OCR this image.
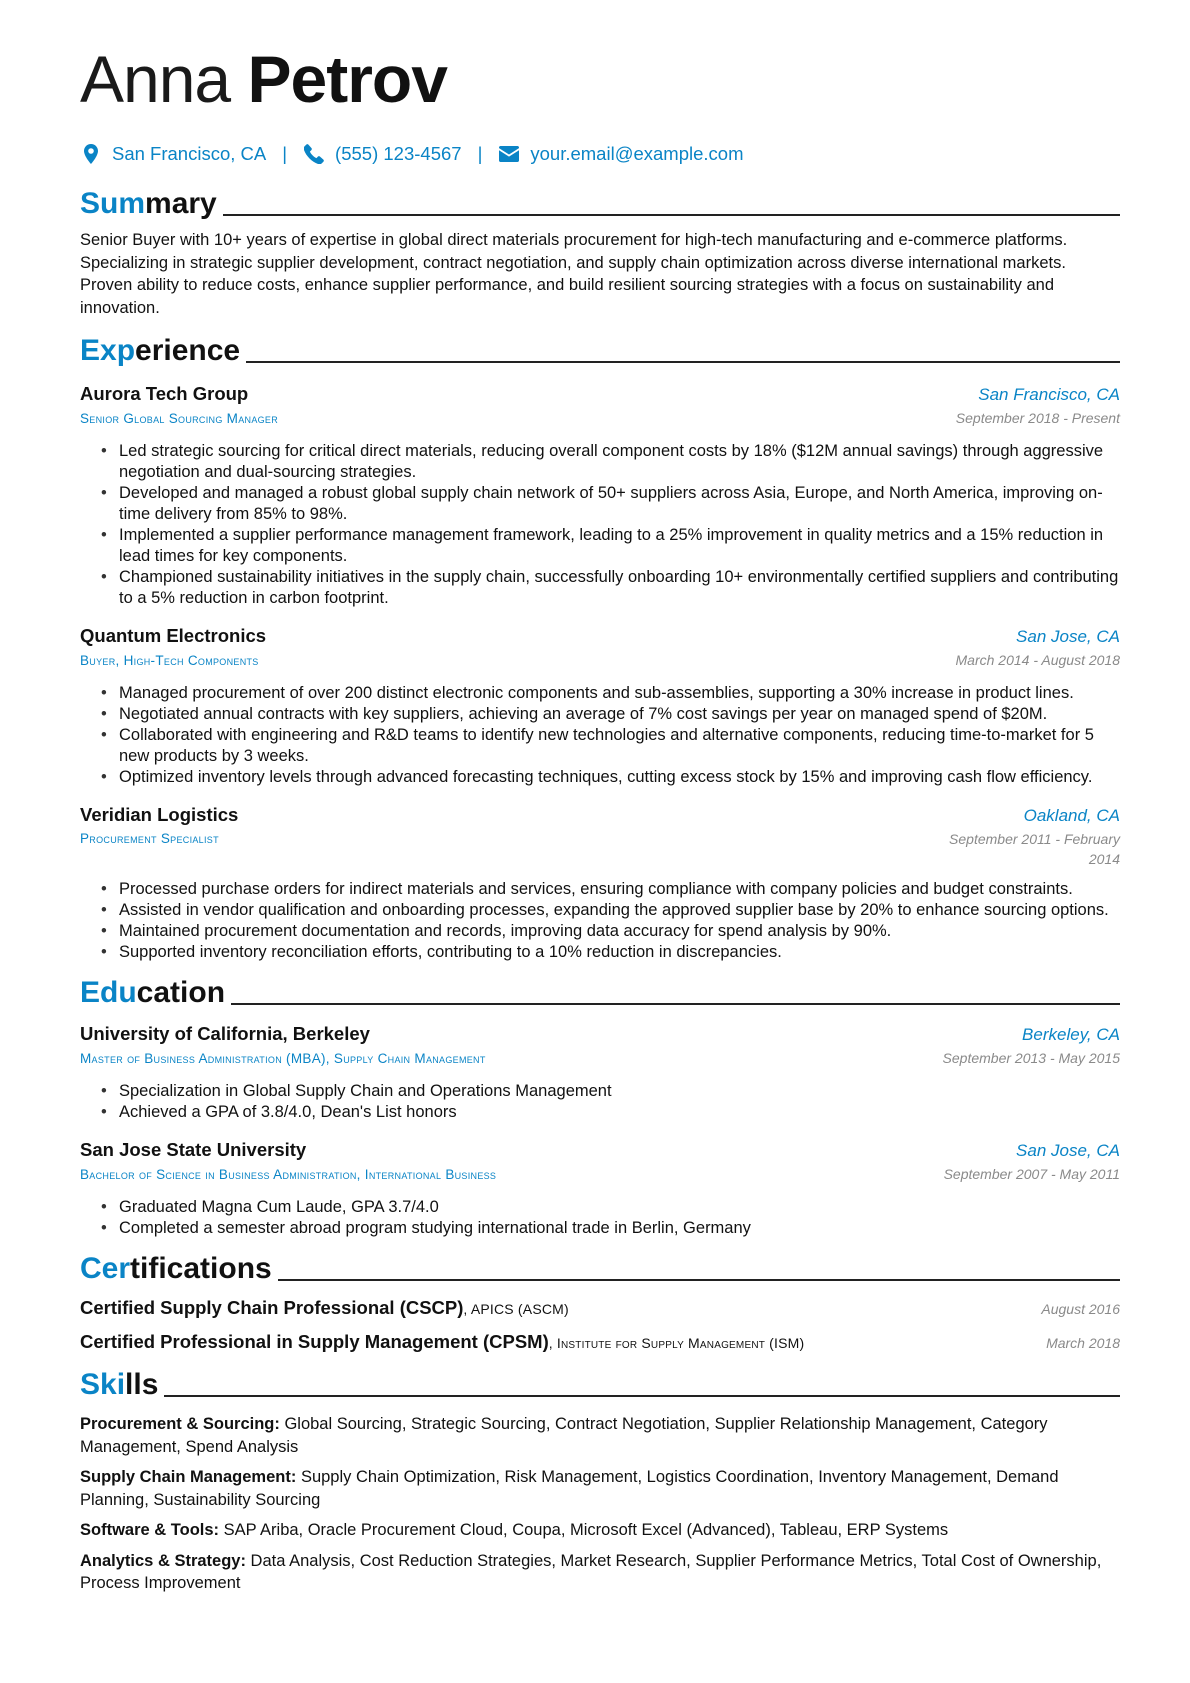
Anna Petrov
San Francisco, CA |	(555) 123-4567 |	your.email@example.com
Summary

Senior Buyer with 10+ years of expertise in global direct materials procurement for high-tech manufacturing and e-commerce platforms. Specializing in strategic supplier development, contract negotiation, and supply chain optimization across diverse international markets. Proven ability to reduce costs, enhance supplier performance, and build resilient sourcing strategies with a focus on sustainability and innovation.

Experience
Aurora Tech Group	San Francisco, CA
Senior Global Sourcing Manager	September 2018 - Present
• Led strategic sourcing for critical direct materials, reducing overall component costs by 18% ($12M annual savings) through aggressive negotiation and dual-sourcing strategies.
• Developed and managed a robust global supply chain network of 50+ suppliers across Asia, Europe, and North America, improving on-time delivery from 85% to 98%.
• Implemented a supplier performance management framework, leading to a 25% improvement in quality metrics and a 15% reduction in lead times for key components.
• Championed sustainability initiatives in the supply chain, successfully onboarding 10+ environmentally certified suppliers and contributing to a 5% reduction in carbon footprint.
Quantum Electronics	San Jose, CA
Buyer, High-Tech Components	March 2014 - August 2018
• Managed procurement of over 200 distinct electronic components and sub-assemblies, supporting a 30% increase in product lines.
• Negotiated annual contracts with key suppliers, achieving an average of 7% cost savings per year on managed spend of $20M.
• Collaborated with engineering and R&D teams to identify new technologies and alternative components, reducing time-to-market for 5 new products by 3 weeks.
• Optimized inventory levels through advanced forecasting techniques, cutting excess stock by 15% and improving cash flow efficiency.
Veridian Logistics	Oakland, CA
Procurement Specialist	September 2011 - February 2014
• Processed purchase orders for indirect materials and services, ensuring compliance with company policies and budget constraints.
• Assisted in vendor qualification and onboarding processes, expanding the approved supplier base by 20% to enhance sourcing options.
• Maintained procurement documentation and records, improving data accuracy for spend analysis by 90%.
• Supported inventory reconciliation efforts, contributing to a 10% reduction in discrepancies.
Education
University of California, Berkeley	Berkeley, CA
Master of Business Administration (MBA), Supply Chain Management	September 2013 - May 2015
• Specialization in Global Supply Chain and Operations Management
• Achieved a GPA of 3.8/4.0, Dean's List honors
San Jose State University	San Jose, CA
Bachelor of Science in Business Administration, International Business	September 2007 - May 2011
• Graduated Magna Cum Laude, GPA 3.7/4.0
• Completed a semester abroad program studying international trade in Berlin, Germany
Certifications
Certified Supply Chain Professional (CSCP), APICS (ASCM)	August 2016
Certified Professional in Supply Management (CPSM), Institute for Supply Management (ISM)	March 2018
Skills

Procurement & Sourcing: Global Sourcing, Strategic Sourcing, Contract Negotiation, Supplier Relationship Management, Category Management, Spend Analysis

Supply Chain Management: Supply Chain Optimization, Risk Management, Logistics Coordination, Inventory Management, Demand Planning, Sustainability Sourcing

Software & Tools: SAP Ariba, Oracle Procurement Cloud, Coupa, Microsoft Excel (Advanced), Tableau, ERP Systems

Analytics & Strategy: Data Analysis, Cost Reduction Strategies, Market Research, Supplier Performance Metrics, Total Cost of Ownership, Process Improvement
